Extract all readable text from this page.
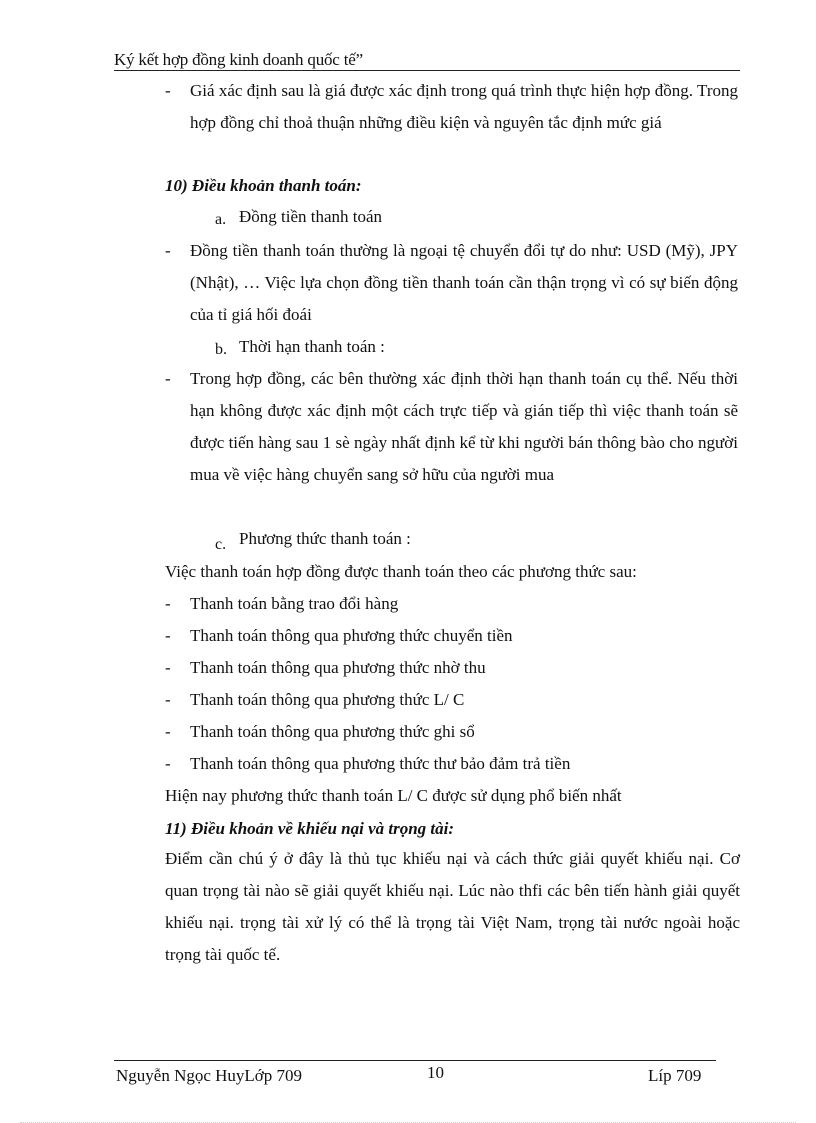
Ký kết hợp đồng kinh doanh quốc tế”
- Giá xác định sau là giá được xác định trong quá trình thực hiện hợp đồng. Trong hợp đồng chỉ thoả thuận những điều kiện và nguyên tắc định mức giá
10) Điều khoản thanh toán:
a. Đồng tiền thanh toán
- Đồng tiền thanh toán thường là ngoại tệ chuyển đổi tự do như: USD (Mỹ), JPY (Nhật), … Việc lựa chọn đồng tiền thanh toán cần thận trọng vì có sự biến động của tỉ giá hối đoái
b. Thời hạn thanh toán :
- Trong hợp đồng, các bên thường xác định thời hạn thanh toán cụ thể. Nếu thời hạn không được xác định một cách trực tiếp và gián tiếp thì việc thanh toán sẽ được tiến hàng sau 1 sè ngày nhất định kể từ khi người bán thông bào cho người mua về việc hàng chuyển sang sở hữu của người mua
c. Phương thức thanh toán :
Việc thanh toán hợp đồng được thanh toán theo các phương thức sau:
- Thanh toán bằng trao đổi hàng
- Thanh toán thông qua phương thức chuyển tiền
- Thanh toán thông qua phương thức nhờ thu
- Thanh toán thông qua phương thức L/ C
- Thanh toán thông qua phương thức ghi sổ
- Thanh toán thông qua phương thức thư bảo đảm trả tiền
Hiện nay phương thức thanh toán L/ C được sử dụng phổ biến nhất
11) Điều khoản về khiếu nại và trọng tài:
Điểm cần chú ý ở đây là thủ tục khiếu nại và cách thức giải quyết khiếu nại. Cơ quan trọng tài nào sẽ giải quyết khiếu nại. Lúc nào thfi các bên tiến hành giải quyết khiếu nại. trọng tài xử lý có thể là trọng tài Việt Nam, trọng tài nước ngoài hoặc trọng tài quốc tế.
Nguyễn Ngọc HuyLớp 709	10	Líp 709
